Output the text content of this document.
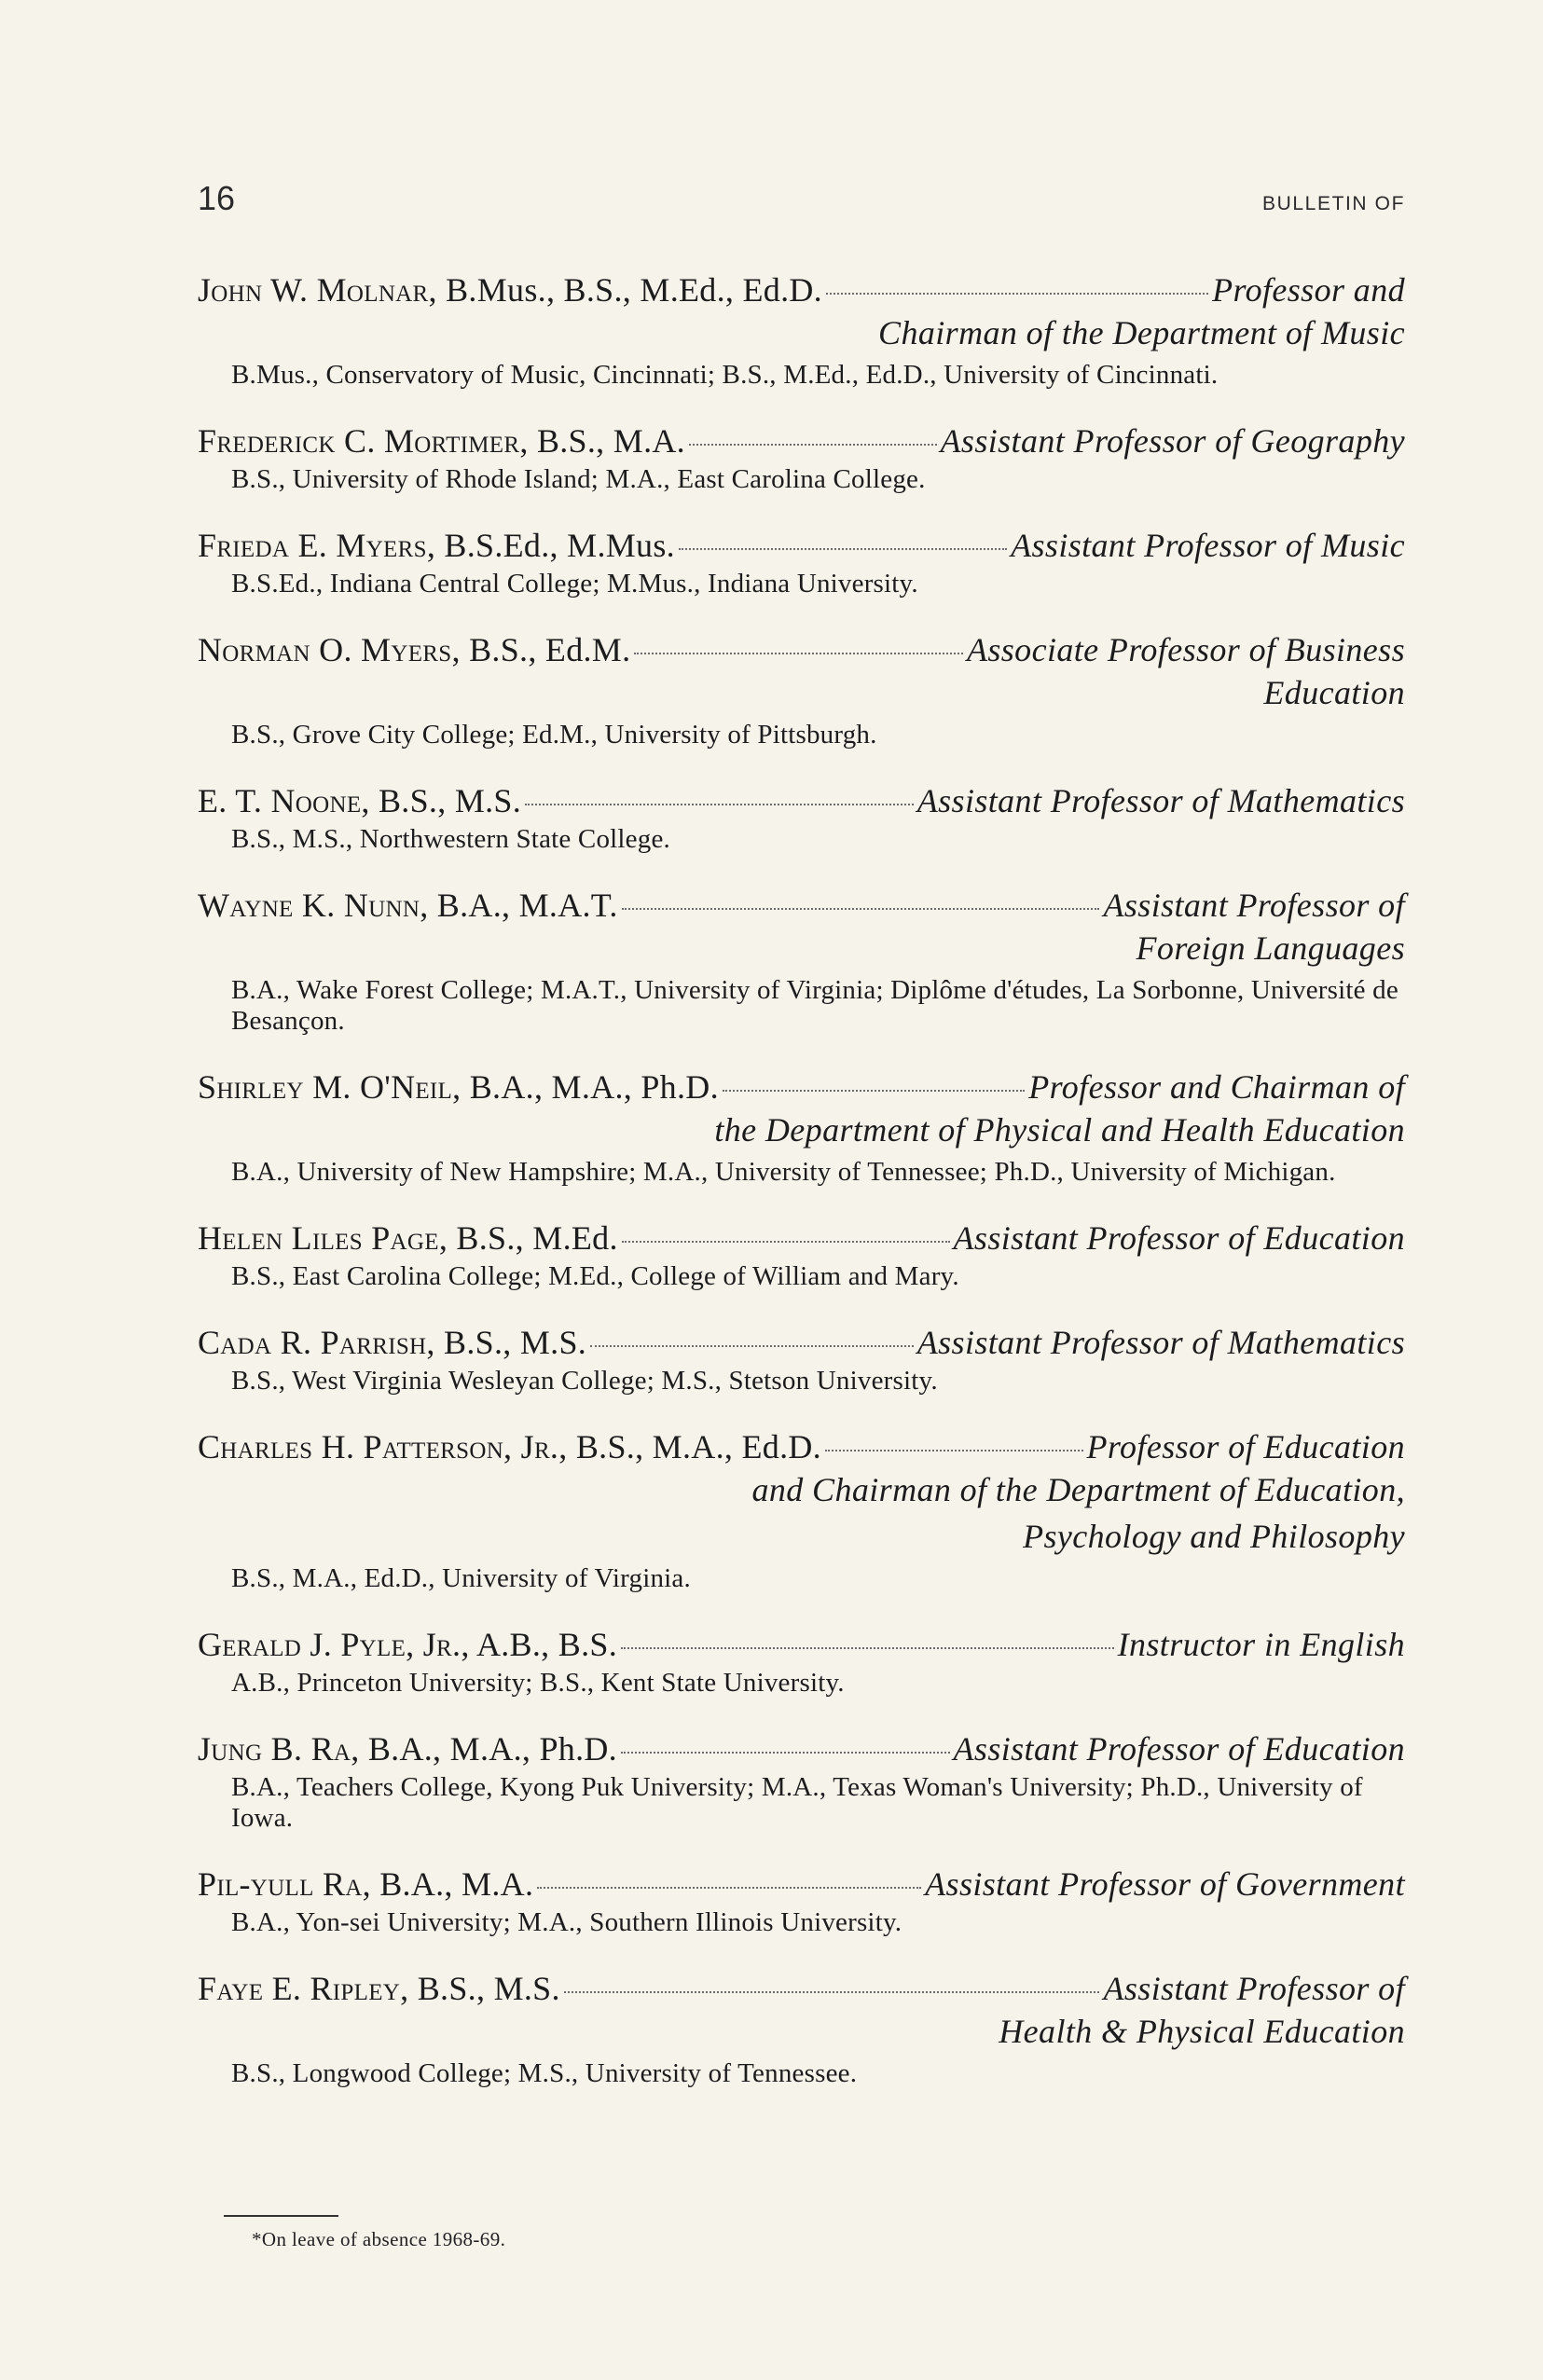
16	BULLETIN OF
John W. Molnar, B.Mus., B.S., M.Ed., Ed.D.	Professor and
Chairman of the Department of Music
B.Mus., Conservatory of Music, Cincinnati; B.S., M.Ed., Ed.D., University of Cincinnati.
Frederick C. Mortimer, B.S., M.A.	Assistant Professor of Geography
B.S., University of Rhode Island; M.A., East Carolina College.
Frieda E. Myers, B.S.Ed., M.Mus.	Assistant Professor of Music
B.S.Ed., Indiana Central College; M.Mus., Indiana University.
Norman O. Myers, B.S., Ed.M.	Associate Professor of Business
Education
B.S., Grove City College; Ed.M., University of Pittsburgh.
E. T. Noone, B.S., M.S.	Assistant Professor of Mathematics
B.S., M.S., Northwestern State College.
Wayne K. Nunn, B.A., M.A.T.	Assistant Professor of
Foreign Languages
B.A., Wake Forest College; M.A.T., University of Virginia; Diplôme d'études, La Sorbonne, Université de Besançon.
Shirley M. O'Neil, B.A., M.A., Ph.D.	Professor and Chairman of
the Department of Physical and Health Education
B.A., University of New Hampshire; M.A., University of Tennessee; Ph.D., University of Michigan.
Helen Liles Page, B.S., M.Ed.	Assistant Professor of Education
B.S., East Carolina College; M.Ed., College of William and Mary.
Cada R. Parrish, B.S., M.S.	Assistant Professor of Mathematics
B.S., West Virginia Wesleyan College; M.S., Stetson University.
Charles H. Patterson, Jr., B.S., M.A., Ed.D.	Professor of Education
and Chairman of the Department of Education,
Psychology and Philosophy
B.S., M.A., Ed.D., University of Virginia.
Gerald J. Pyle, Jr., A.B., B.S.	Instructor in English
A.B., Princeton University; B.S., Kent State University.
Jung B. Ra, B.A., M.A., Ph.D.	Assistant Professor of Education
B.A., Teachers College, Kyong Puk University; M.A., Texas Woman's University; Ph.D., University of Iowa.
Pil-yull Ra, B.A., M.A.	Assistant Professor of Government
B.A., Yon-sei University; M.A., Southern Illinois University.
Faye E. Ripley, B.S., M.S.	Assistant Professor of
Health & Physical Education
B.S., Longwood College; M.S., University of Tennessee.
*On leave of absence 1968-69.
